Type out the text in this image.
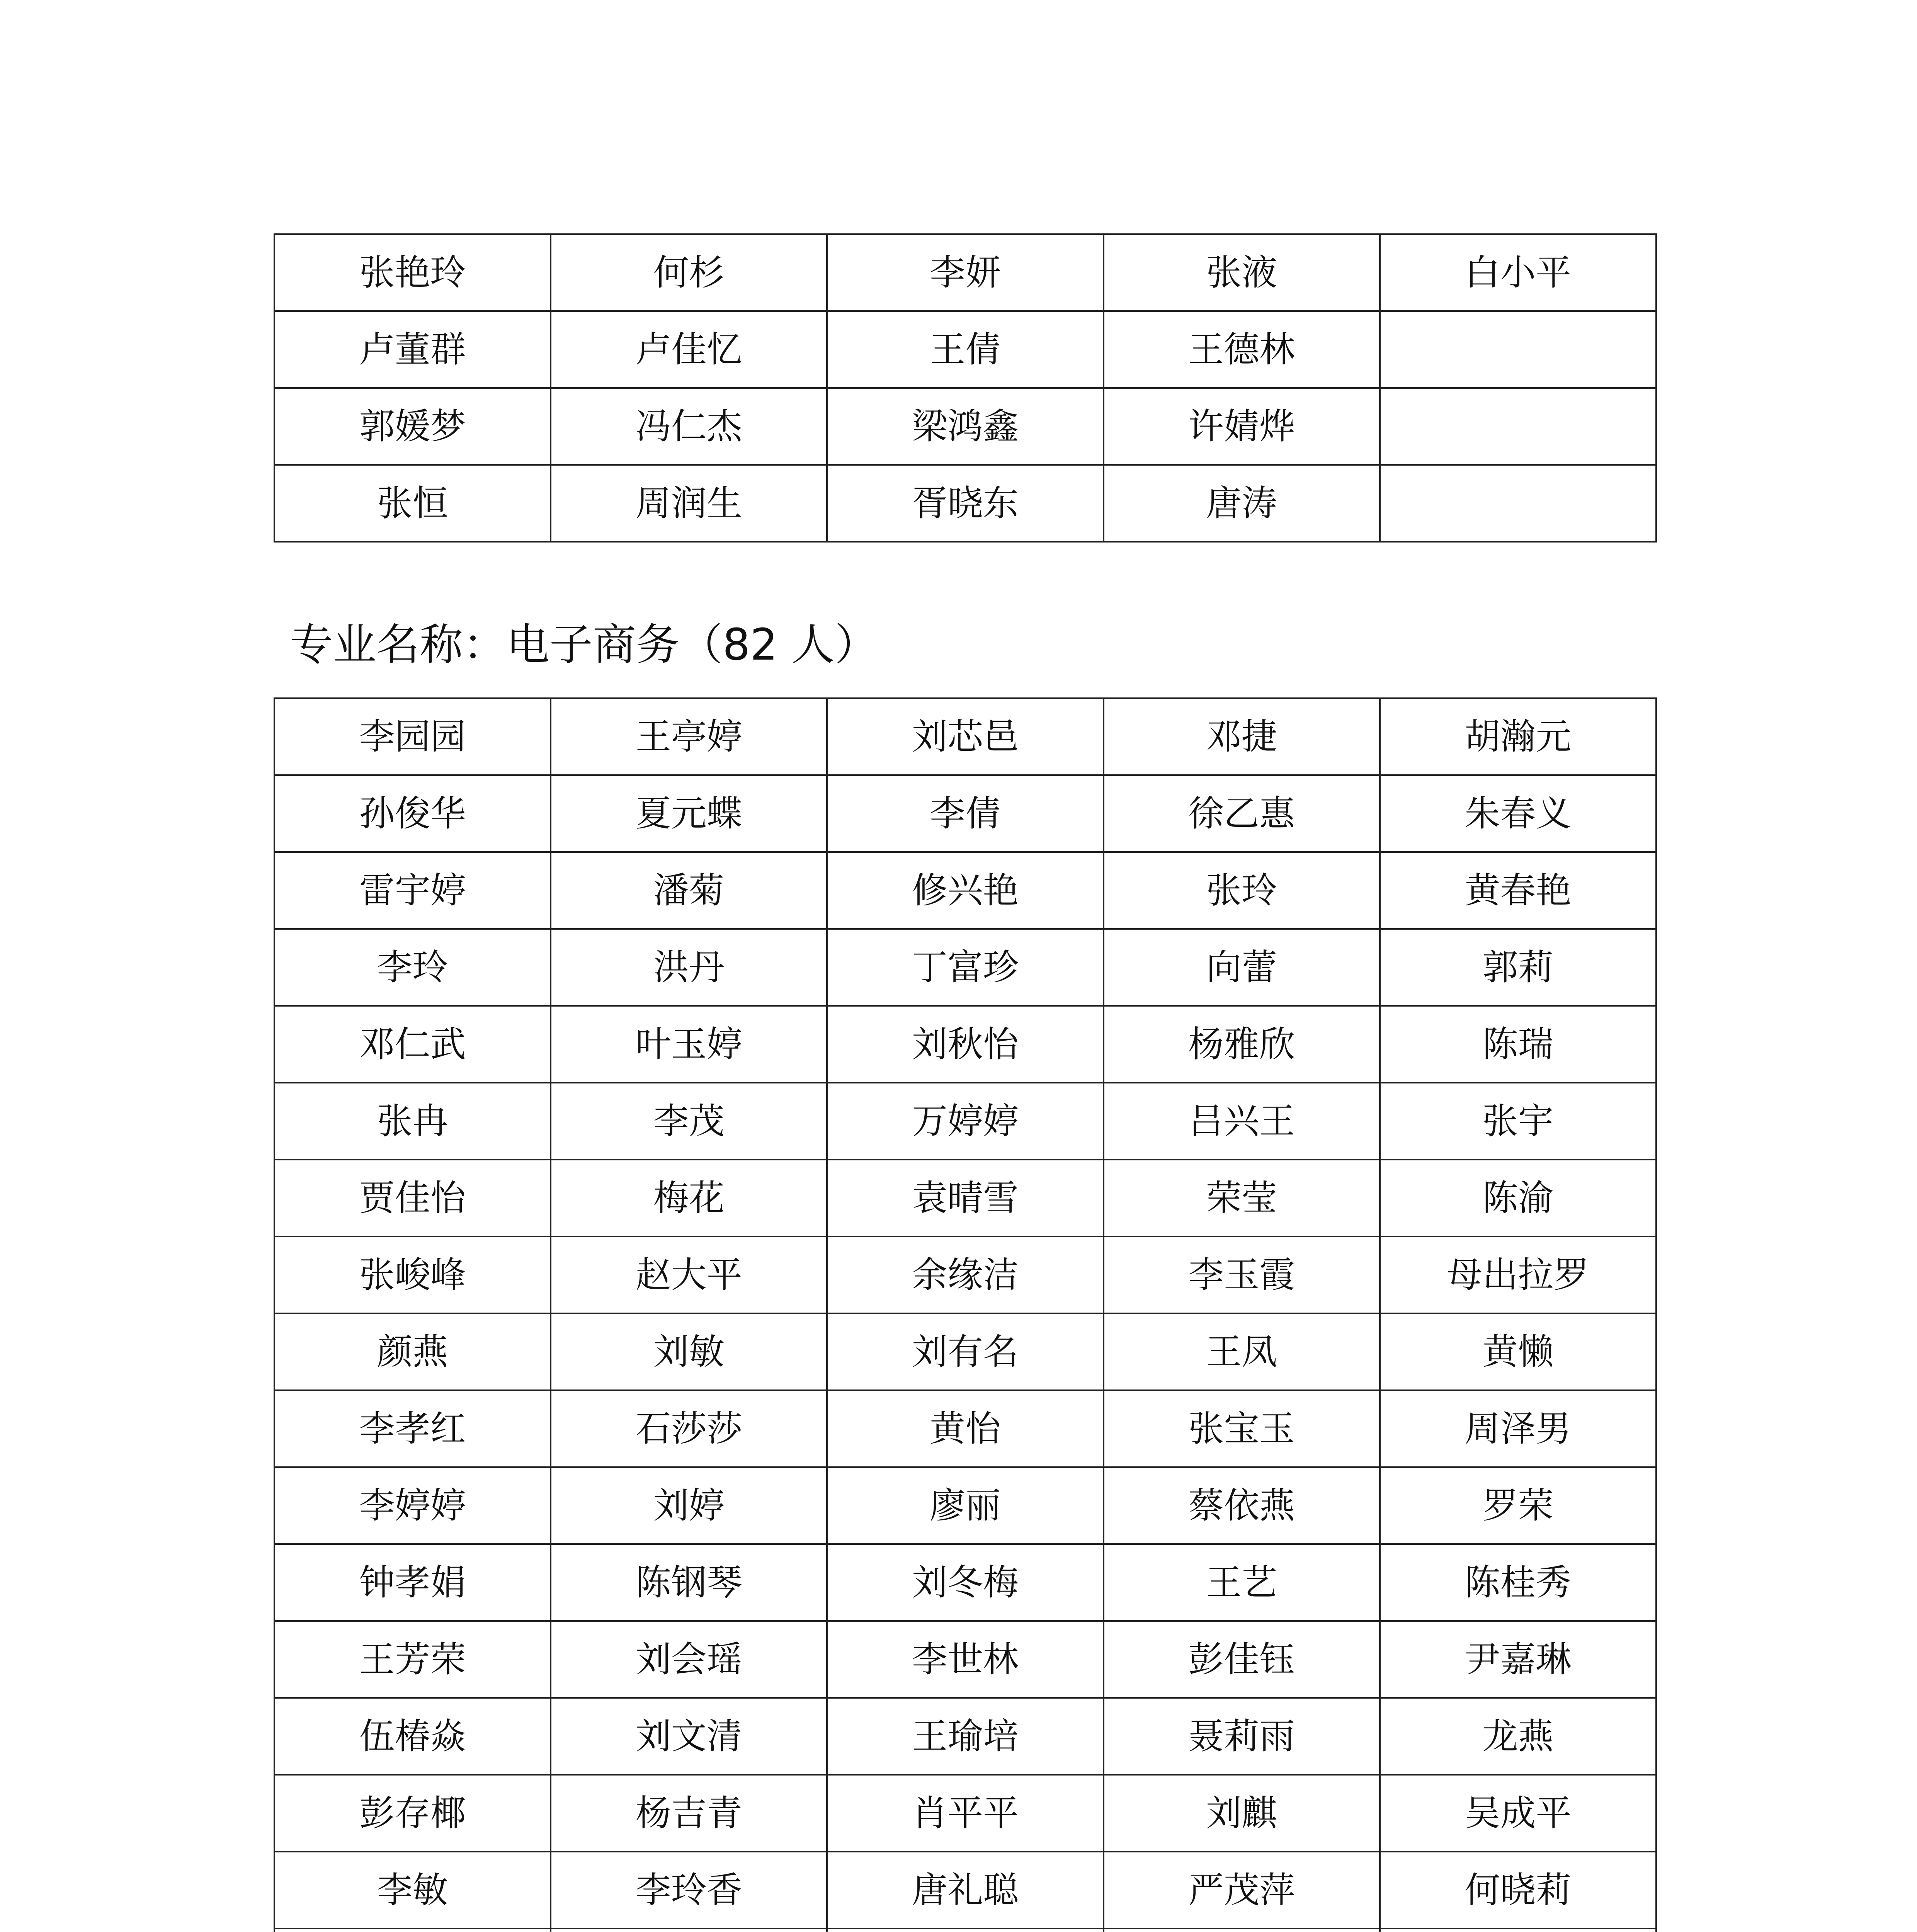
张艳玲	何杉	李妍	张液	白小平
卢董群	卢佳忆	王倩	王德林	
郭媛梦	冯仁杰	梁鸿鑫	许婧烨	
张恒	周润生	胥晓东	唐涛	
专业名称：电子商务（82 人）
李园园	王亭婷	刘芯邑	邓捷	胡瀚元
孙俊华	夏元蝶	李倩	徐乙惠	朱春义
雷宇婷	潘菊	修兴艳	张玲	黄春艳
李玲	洪丹	丁富珍	向蕾	郭莉
邓仁武	叶玉婷	刘秋怡	杨雅欣	陈瑞
张冉	李茂	万婷婷	吕兴王	张宇
贾佳怡	梅花	袁晴雪	荣莹	陈渝
张峻峰	赵大平	余缘洁	李玉霞	母出拉罗
颜燕	刘敏	刘有名	王凤	黄懒
李孝红	石莎莎	黄怡	张宝玉	周泽男
李婷婷	刘婷	廖丽	蔡依燕	罗荣
钟孝娟	陈钢琴	刘冬梅	王艺	陈桂秀
王芳荣	刘会瑶	李世林	彭佳钰	尹嘉琳
伍椿焱	刘文清	王瑜培	聂莉雨	龙燕
彭存椰	杨吉青	肖平平	刘麒	吴成平
李敏	李玲香	唐礼聪	严茂萍	何晓莉
